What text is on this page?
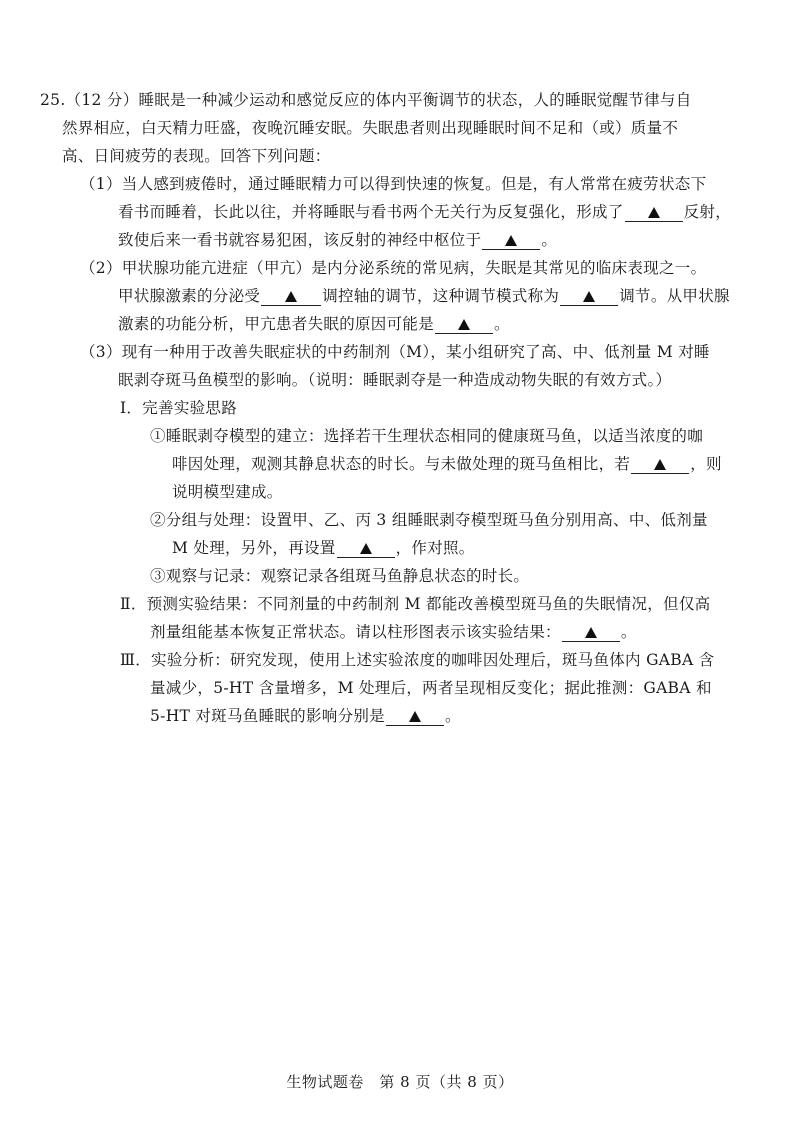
25.（12 分）睡眠是一种减少运动和感觉反应的体内平衡调节的状态，人的睡眠觉醒节律与自
然界相应，白天精力旺盛，夜晚沉睡安眠。失眠患者则出现睡眠时间不足和（或）质量不
高、日间疲劳的表现。回答下列问题：
（1）当人感到疲倦时，通过睡眠精力可以得到快速的恢复。但是，有人常常在疲劳状态下
看书而睡着，长此以往，并将睡眠与看书两个无关行为反复强化，形成了	反射，
致使后来一看书就容易犯困，该反射的神经中枢位于	。
（2）甲状腺功能亢进症（甲亢）是内分泌系统的常见病，失眠是其常见的临床表现之一。
甲状腺激素的分泌受	调控轴的调节，这种调节模式称为	调节。从甲状腺
激素的功能分析，甲亢患者失眠的原因可能是	。
（3）现有一种用于改善失眠症状的中药制剂（M），某小组研究了高、中、低剂量 M 对睡
眠剥夺斑马鱼模型的影响。（说明：睡眠剥夺是一种造成动物失眠的有效方式。）
Ⅰ．完善实验思路
①睡眠剥夺模型的建立：选择若干生理状态相同的健康斑马鱼，以适当浓度的咖
啡因处理，观测其静息状态的时长。与未做处理的斑马鱼相比，若	，则
说明模型建成。
②分组与处理：设置甲、乙、丙 3 组睡眠剥夺模型斑马鱼分别用高、中、低剂量
M 处理，另外，再设置	，作对照。
③观察与记录：观察记录各组斑马鱼静息状态的时长。
Ⅱ．预测实验结果：不同剂量的中药制剂 M 都能改善模型斑马鱼的失眠情况，但仅高
剂量组能基本恢复正常状态。请以柱形图表示该实验结果：	。
Ⅲ．实验分析：研究发现，使用上述实验浓度的咖啡因处理后，斑马鱼体内 GABA 含
量减少，5-HT 含量增多，M 处理后，两者呈现相反变化；据此推测：GABA 和
5-HT 对斑马鱼睡眠的影响分别是	。
生物试题卷　第 8 页（共 8 页）
